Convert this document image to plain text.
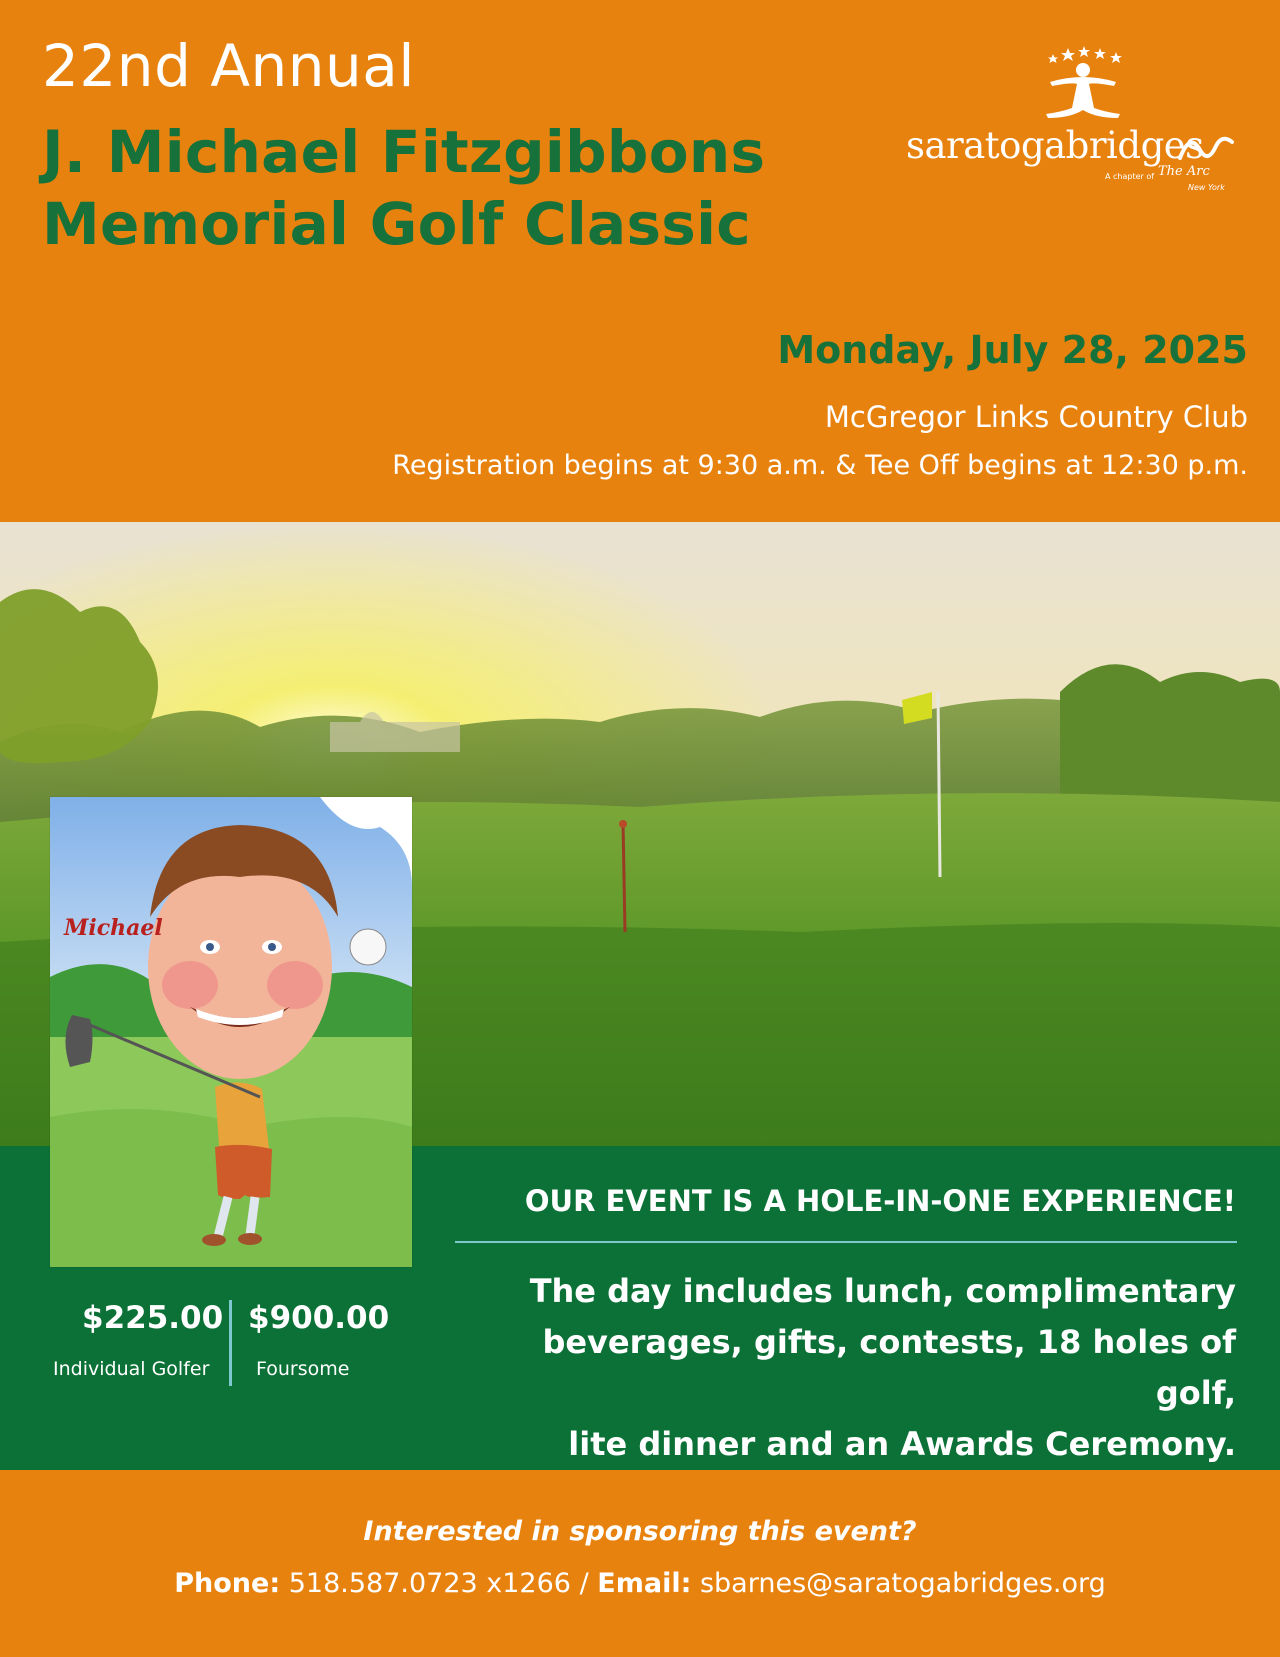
22nd Annual
J. Michael Fitzgibbons
Memorial Golf Classic
saratogabridges
A chapter of The Arc
New York
Monday, July 28, 2025
McGregor Links Country Club
Registration begins at 9:30 a.m. & Tee Off begins at 12:30 p.m.
Michael
$225.00 $900.00
Individual Golfer Foursome
OUR EVENT IS A HOLE-IN-ONE EXPERIENCE!
The day includes lunch, complimentary
beverages, gifts, contests, 18 holes of golf,
lite dinner and an Awards Ceremony.
Interested in sponsoring this event?
Phone: 518.587.0723 x1266 / Email: sbarnes@saratogabridges.org
